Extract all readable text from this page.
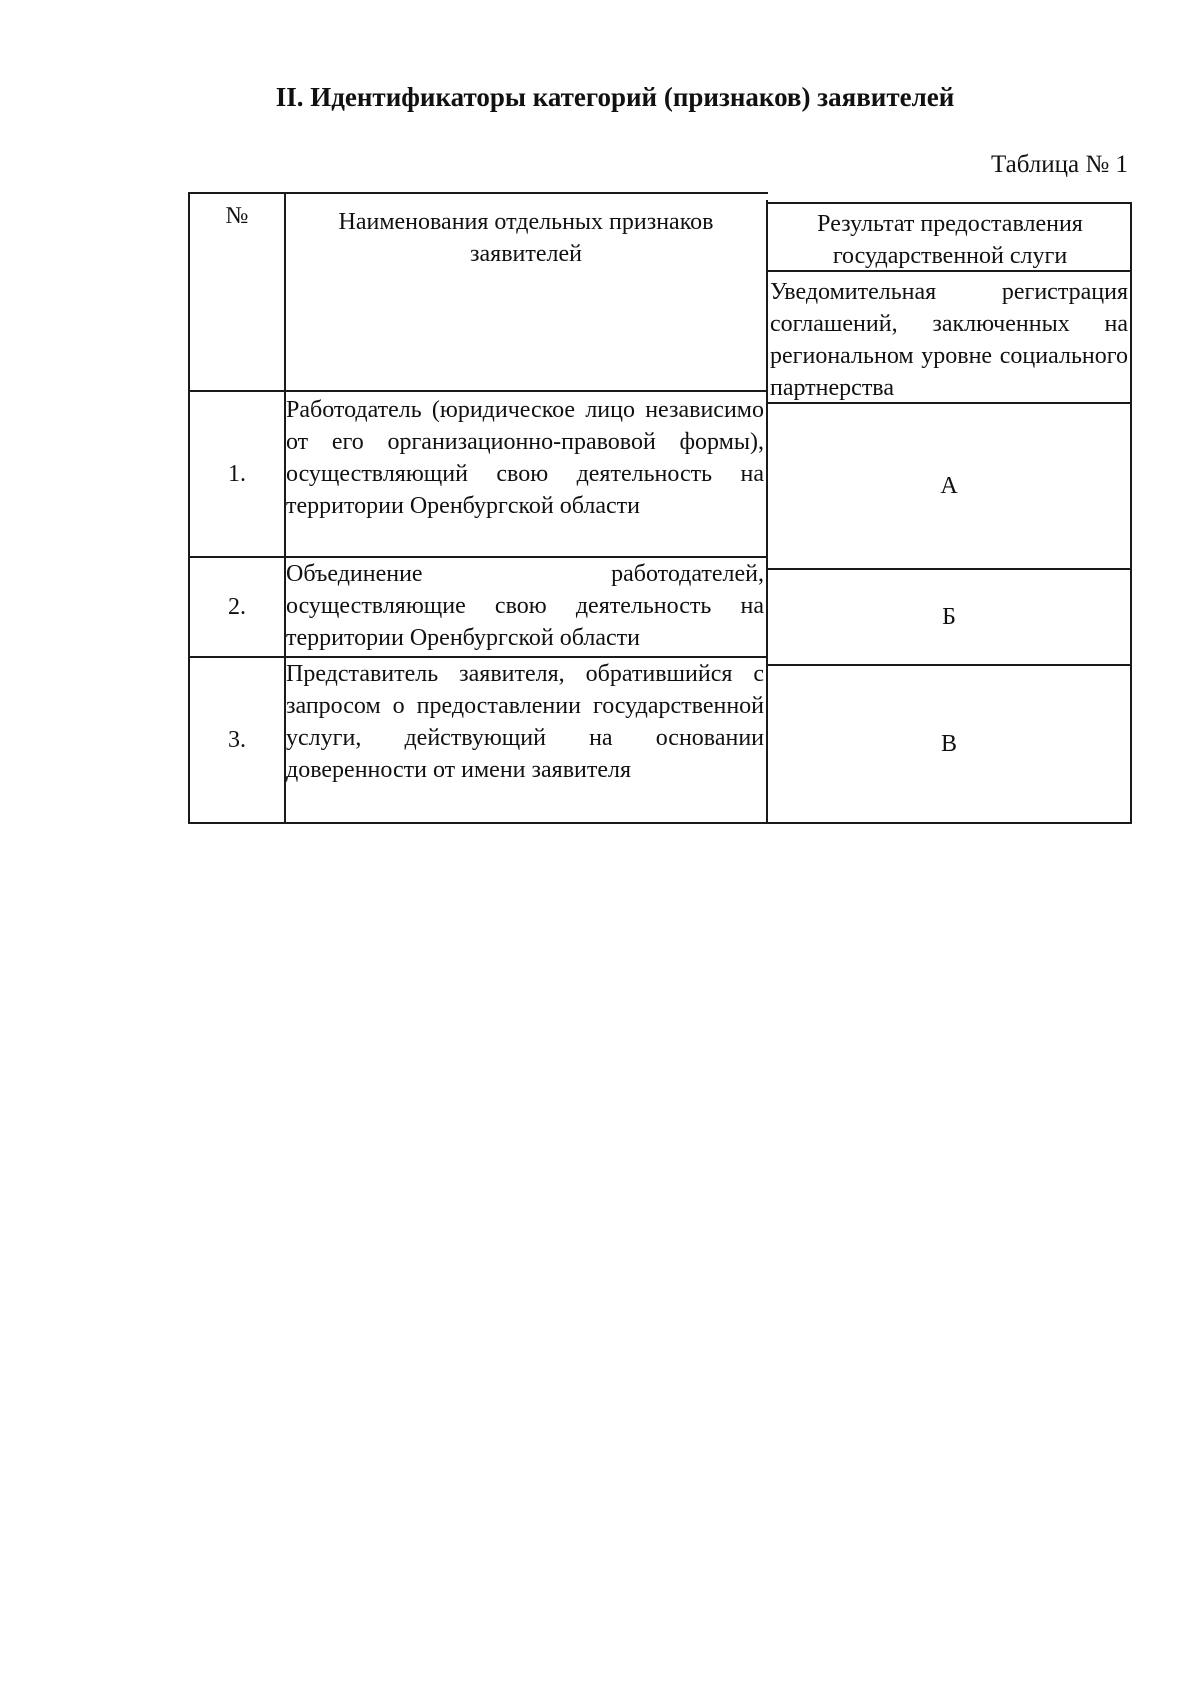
II. Идентификаторы категорий (признаков) заявителей
Таблица № 1
№	Наименования отдельных признаков заявителей
Результат предоставления государственной слуги
Уведомительная регистрация соглашений, заключенных на региональном уровне социального партнерства
1.
Работодатель (юридическое лицо независимо от его организационно-правовой формы), осуществляющий свою деятельность на территории Оренбургской области
А
2.
Объединение работодателей, осуществляющие свою деятельность на территории Оренбургской области
Б
3.
Представитель заявителя, обратившийся с запросом о предоставлении государственной услуги, действующий на основании доверенности от имени заявителя
В
